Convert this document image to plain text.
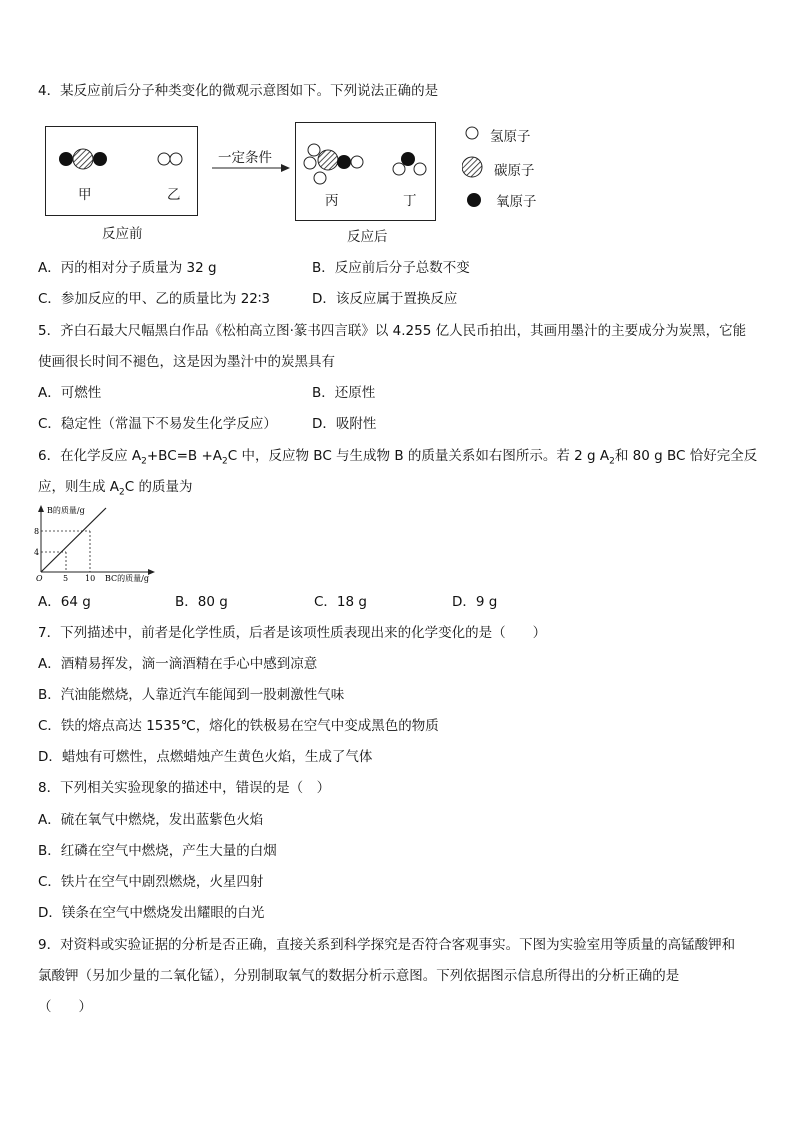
4．某反应前后分子种类变化的微观示意图如下。下列说法正确的是
甲	乙
反应前
一定条件
丙	丁
反应后
氢原子
碳原子
氧原子
A．丙的相对分子质量为 32 g	B．反应前后分子总数不变
C．参加反应的甲、乙的质量比为 22∶3	D．该反应属于置换反应
5．齐白石最大尺幅黑白作品《松柏高立图·篆书四言联》以 4.255 亿人民币拍出，其画用墨汁的主要成分为炭黑，它能
使画很长时间不褪色，这是因为墨汁中的炭黑具有
A．可燃性	B．还原性
C．稳定性（常温下不易发生化学反应）	D．吸附性
6．在化学反应 $A_2+BC=B +A_2C$ 中，反应物 BC 与生成物 B 的质量关系如右图所示。若 2 g $A_2$和 80 g BC 恰好完全反
应，则生成 $A_2C$ 的质量为
B的质量/g
8
4
O	5 10 BC的质量/g
A．64 g	B．80 g	C．18 g	D．9 g
7．下列描述中，前者是化学性质，后者是该项性质表现出来的化学变化的是（　　）
A．酒精易挥发，滴一滴酒精在手心中感到凉意
B．汽油能燃烧，人靠近汽车能闻到一股刺激性气味
C．铁的熔点高达 1535℃，熔化的铁极易在空气中变成黑色的物质
D．蜡烛有可燃性，点燃蜡烛产生黄色火焰，生成了气体
8．下列相关实验现象的描述中，错误的是（　）
A．硫在氧气中燃烧，发出蓝紫色火焰
B．红磷在空气中燃烧，产生大量的白烟
C．铁片在空气中剧烈燃烧，火星四射
D．镁条在空气中燃烧发出耀眼的白光
9．对资料或实验证据的分析是否正确，直接关系到科学探究是否符合客观事实。下图为实验室用等质量的高锰酸钾和
氯酸钾（另加少量的二氧化锰），分别制取氧气的数据分析示意图。下列依据图示信息所得出的分析正确的是
（　　）
